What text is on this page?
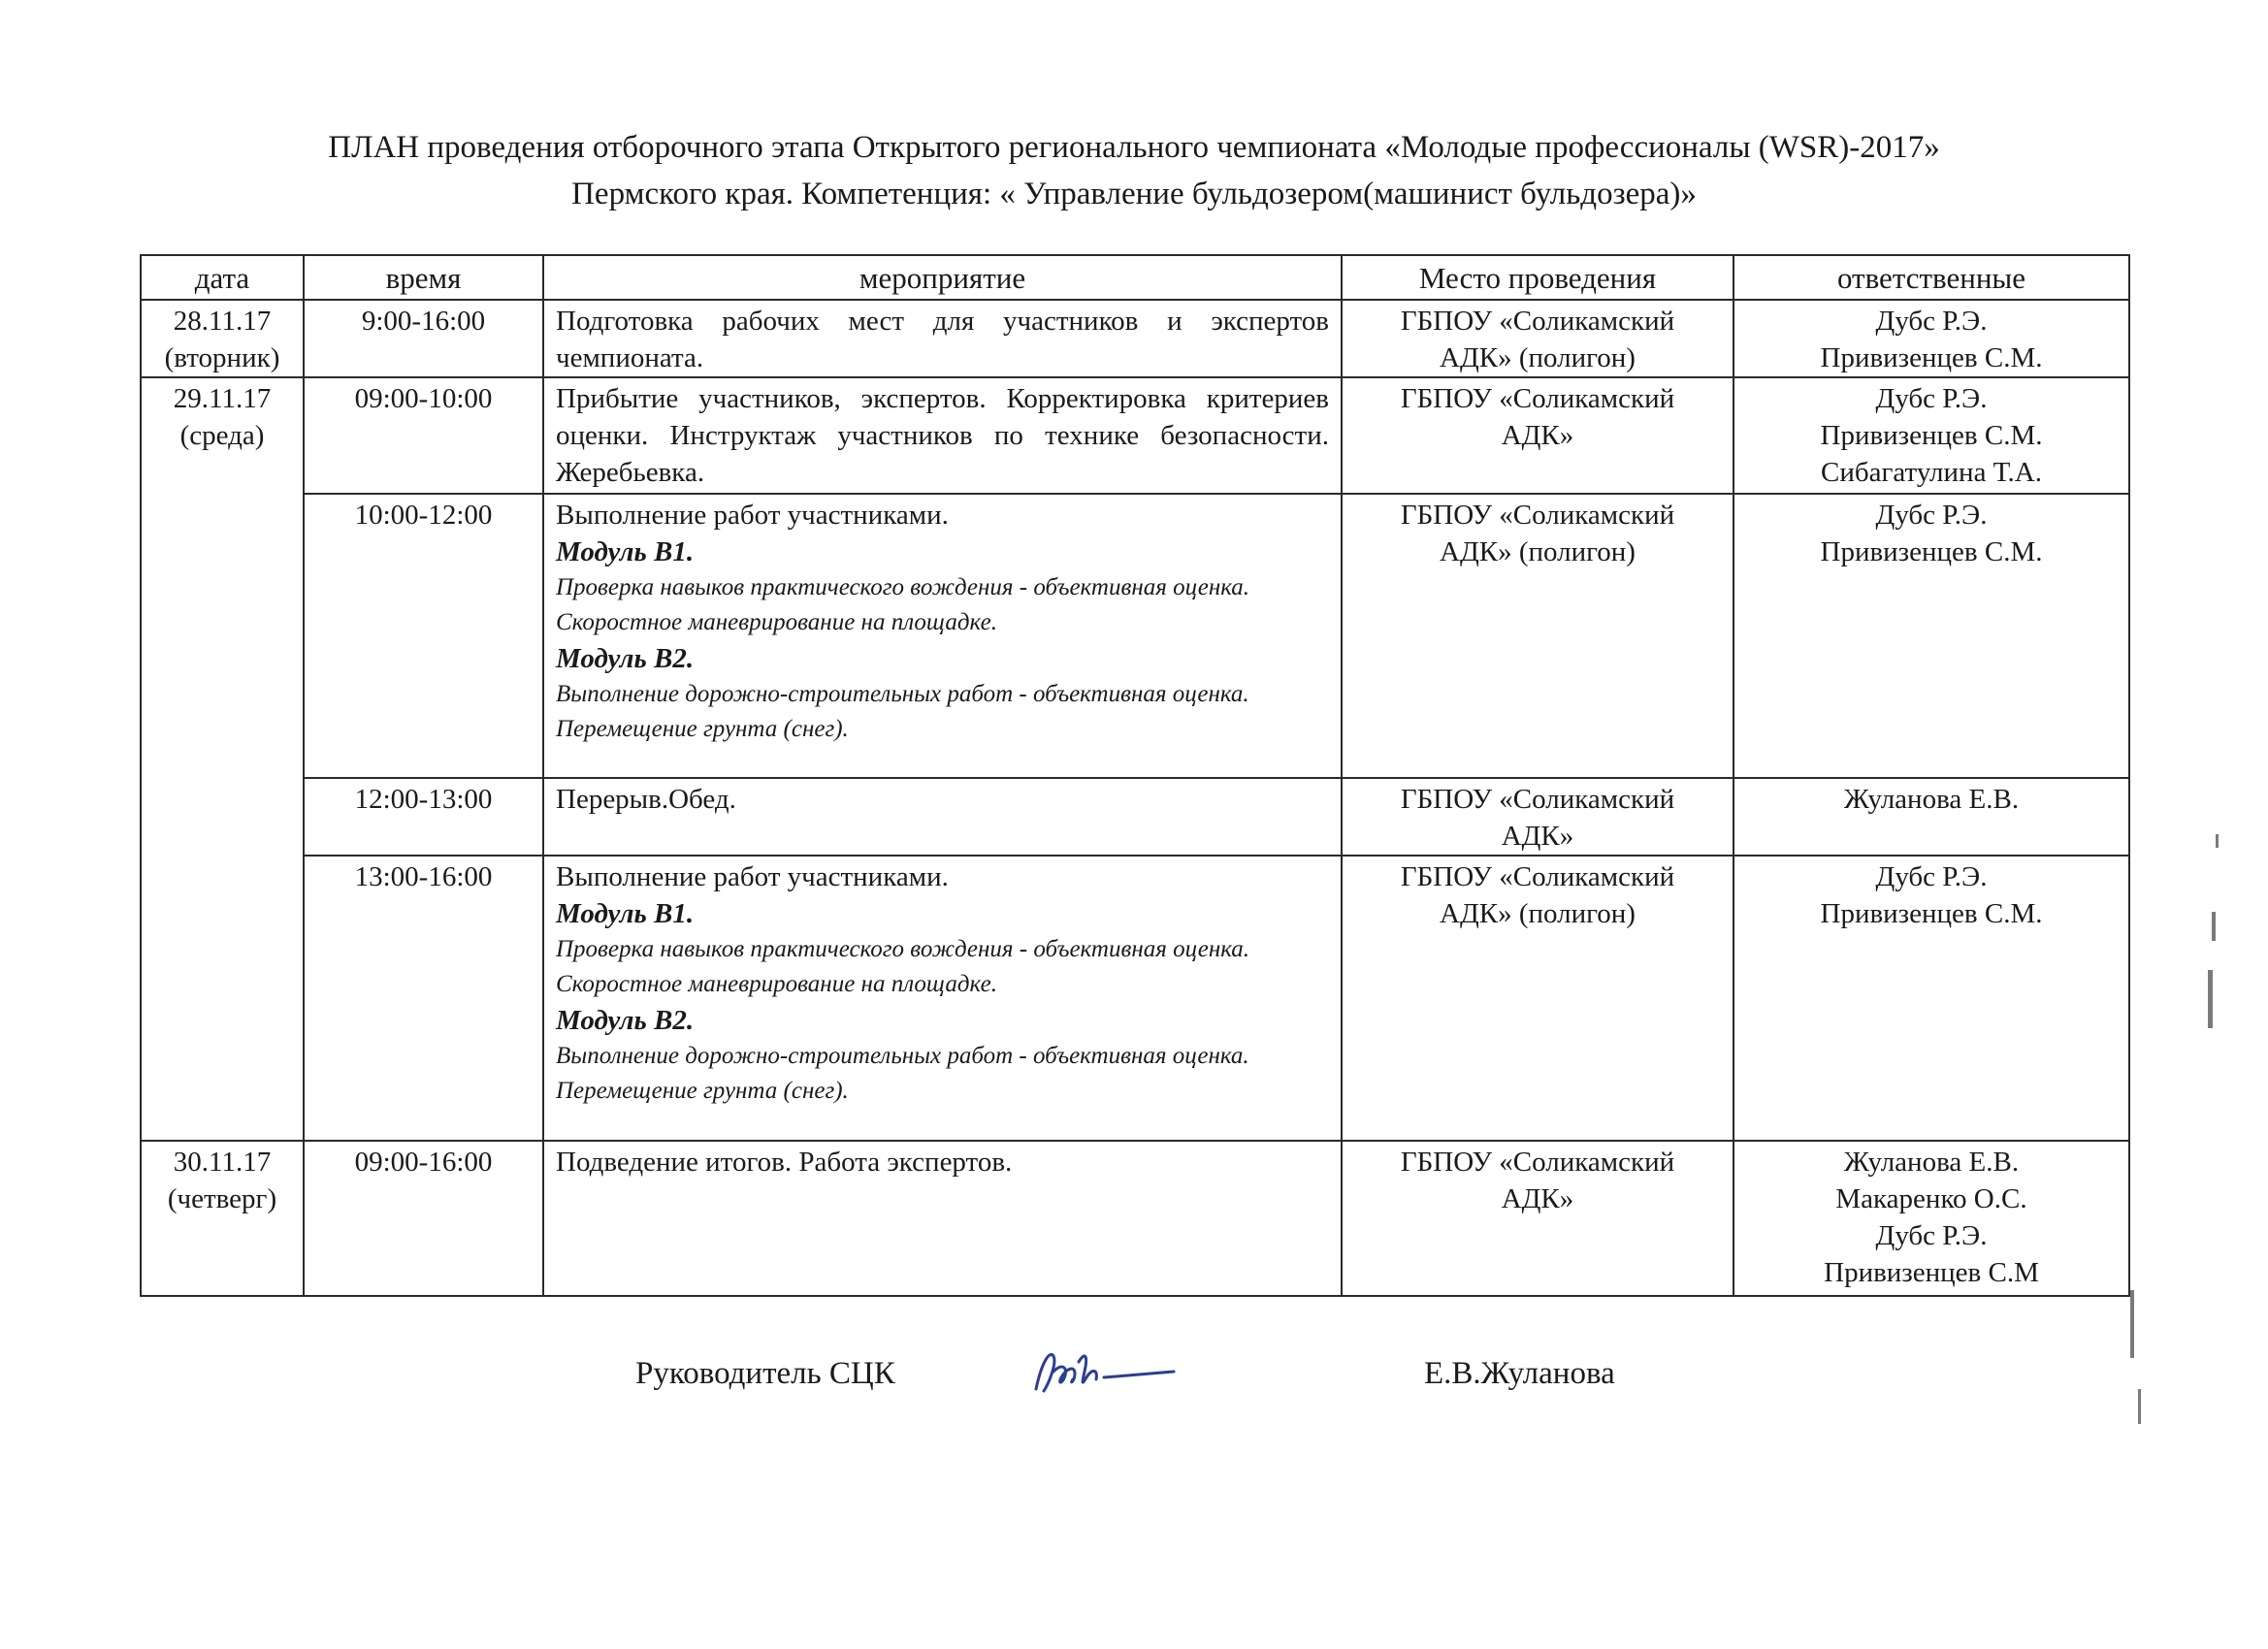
ПЛАН проведения отборочного этапа Открытого регионального чемпионата «Молодые профессионалы (WSR)-2017»
Пермского края. Компетенция: « Управление бульдозером(машинист бульдозера)»
дата	время	мероприятие	Место проведения	ответственные

28.11.17
(вторник)	9:00-16:00	Подготовка рабочих мест для участников и экспертов чемпионата.	ГБПОУ «Соликамский
АДК» (полигон)	Дубс Р.Э.
Привизенцев С.М.

29.11.17
(среда)	09:00-10:00	Прибытие участников, экспертов. Корректировка критериев оценки. Инструктаж участников по технике безопасности. Жеребьевка.	ГБПОУ «Соликамский
АДК»	Дубс Р.Э.
Привизенцев С.М.
Сибагатулина Т.А.

	10:00-12:00	Выполнение работ участниками.
Модуль В1.
Проверка навыков практического вождения - объективная оценка. Скоростное маневрирование на площадке.
Модуль В2.
Выполнение дорожно-строительных работ - объективная оценка. Перемещение грунта (снег).	ГБПОУ «Соликамский
АДК» (полигон)	Дубс Р.Э.
Привизенцев С.М.

	12:00-13:00	Перерыв.Обед.	ГБПОУ «Соликамский
АДК»	Жуланова Е.В.

	13:00-16:00	Выполнение работ участниками.
Модуль В1.
Проверка навыков практического вождения - объективная оценка. Скоростное маневрирование на площадке.
Модуль В2.
Выполнение дорожно-строительных работ - объективная оценка. Перемещение грунта (снег).	ГБПОУ «Соликамский
АДК» (полигон)	Дубс Р.Э.
Привизенцев С.М.

30.11.17
(четверг)	09:00-16:00	Подведение итогов. Работа экспертов.	ГБПОУ «Соликамский
АДК»	Жуланова Е.В.
Макаренко О.С.
Дубс Р.Э.
Привизенцев С.М
Руководитель СЦК	Е.В.Жуланова
